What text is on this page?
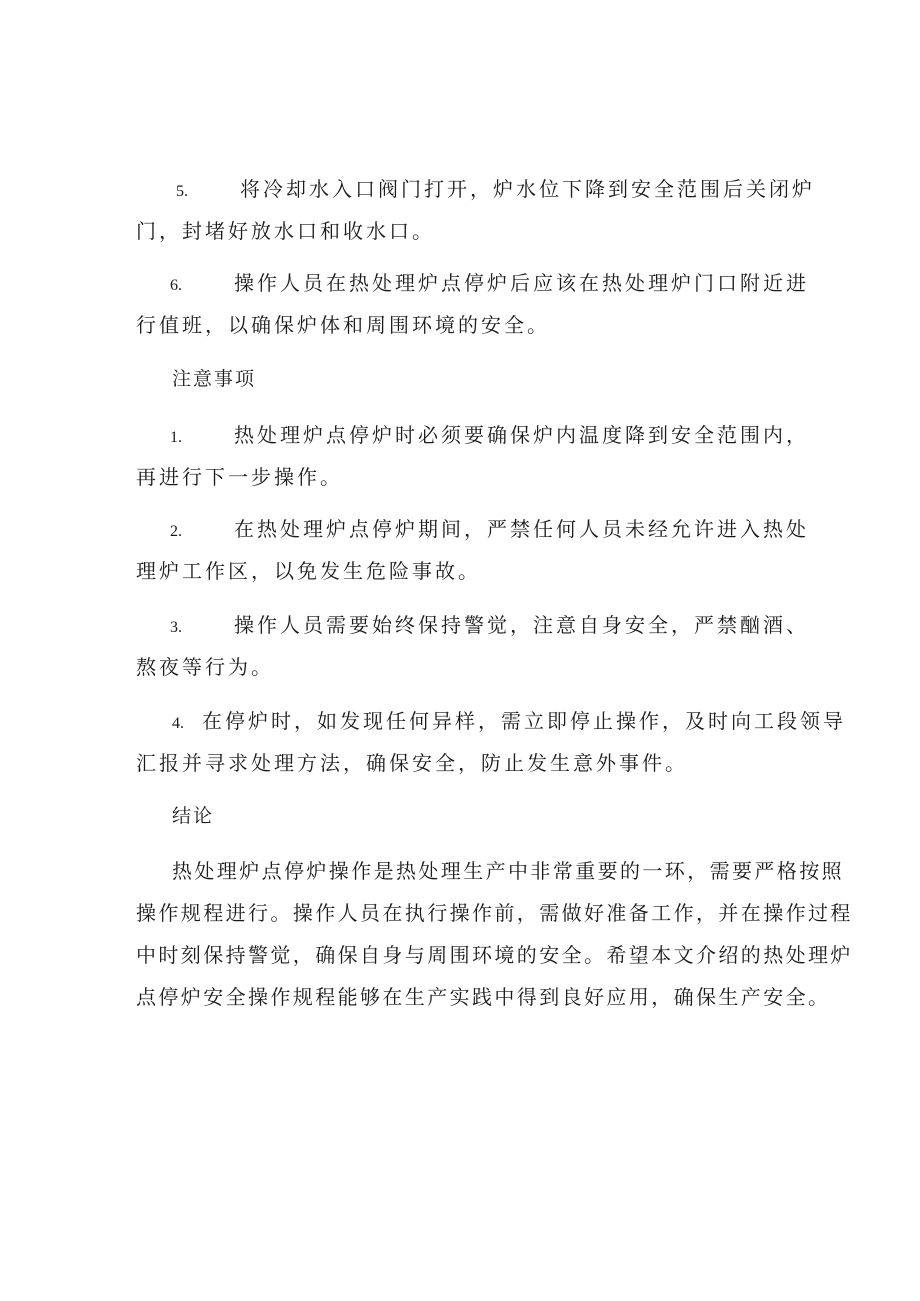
5.	将冷却水入口阀门打开，炉水位下降到安全范围后关闭炉
门，封堵好放水口和收水口。
6.	操作人员在热处理炉点停炉后应该在热处理炉门口附近进
行值班，以确保炉体和周围环境的安全。
注意事项
1.	热处理炉点停炉时必须要确保炉内温度降到安全范围内，
再进行下一步操作。
2.	在热处理炉点停炉期间，严禁任何人员未经允许进入热处
理炉工作区，以免发生危险事故。
3.	操作人员需要始终保持警觉，注意自身安全，严禁酗酒、
熬夜等行为。
4. 在停炉时，如发现任何异样，需立即停止操作，及时向工段领导
汇报并寻求处理方法，确保安全，防止发生意外事件。
结论
热处理炉点停炉操作是热处理生产中非常重要的一环，需要严格按照
操作规程进行。操作人员在执行操作前，需做好准备工作，并在操作过程
中时刻保持警觉，确保自身与周围环境的安全。希望本文介绍的热处理炉
点停炉安全操作规程能够在生产实践中得到良好应用，确保生产安全。
